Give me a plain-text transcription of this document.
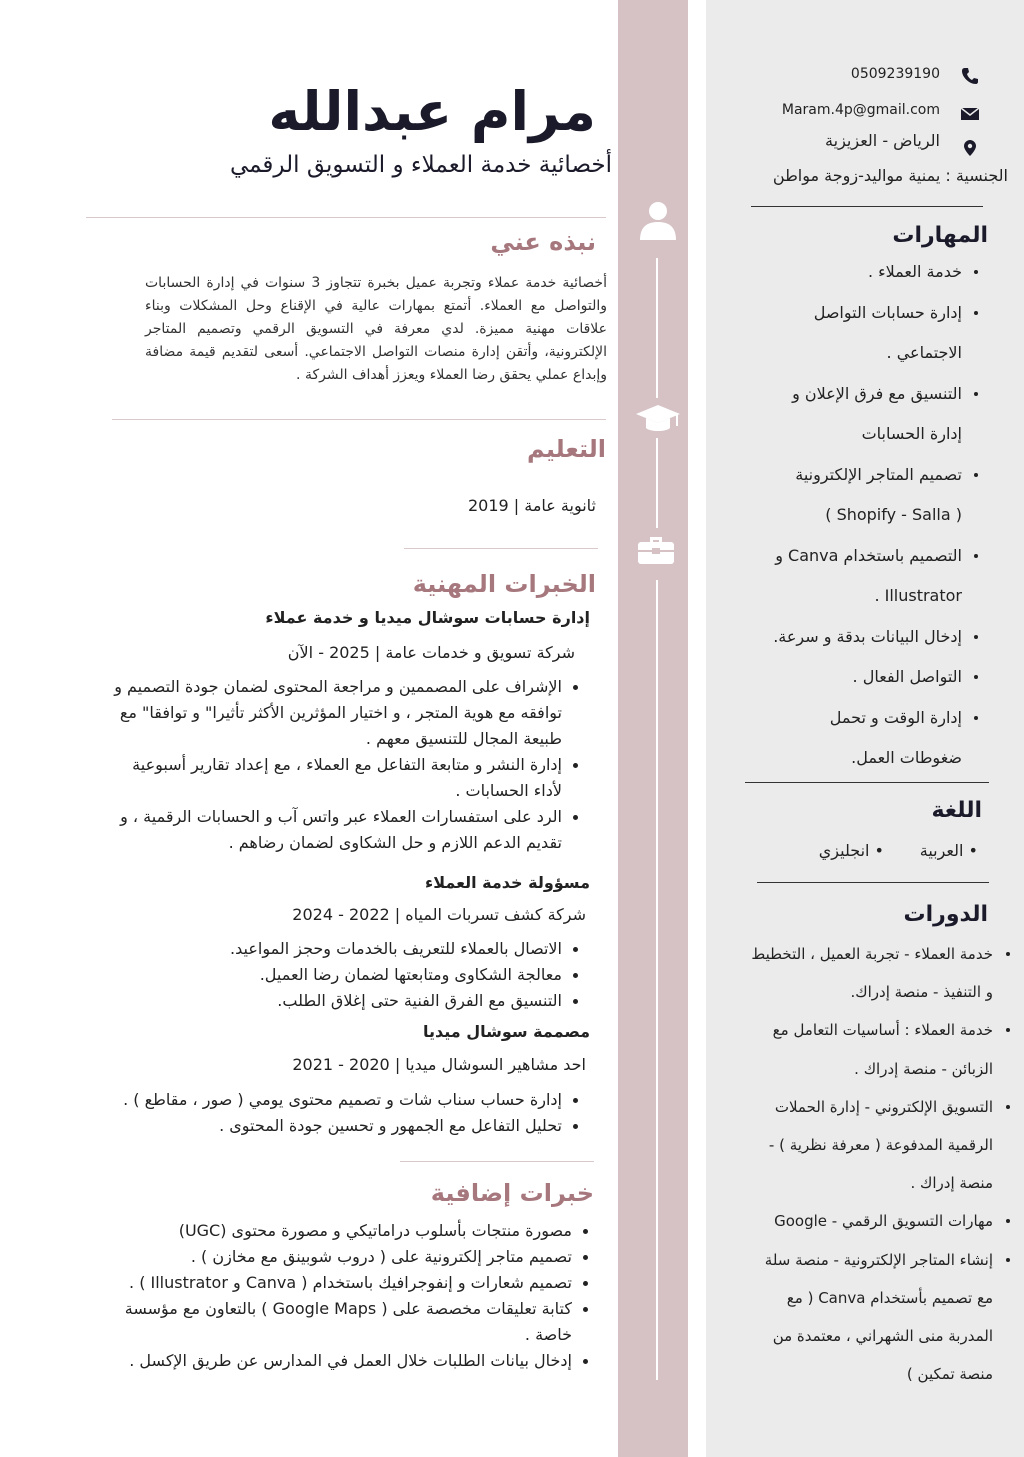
مرام عبدالله
أخصائية خدمة العملاء و التسويق الرقمي
نبذه عني
أخصائية خدمة عملاء وتجربة عميل بخبرة تتجاوز 3 سنوات في إدارة الحسابات والتواصل مع العملاء. أتمتع بمهارات عالية في الإقناع وحل المشكلات وبناء علاقات مهنية مميزة. لدي معرفة في التسويق الرقمي وتصميم المتاجر الإلكترونية، وأتقن إدارة منصات التواصل الاجتماعي. أسعى لتقديم قيمة مضافة وإبداع عملي يحقق رضا العملاء ويعزز أهداف الشركة .
التعليم
ثانوية عامة | 2019
الخبرات المهنية
إدارة حسابات سوشال ميديا و خدمة عملاء
شركة تسويق و خدمات عامة | 2025 - الآن
الإشراف على المصممين و مراجعة المحتوى لضمان جودة التصميم و
توافقه مع هوية المتجر ، و اختيار المؤثرين الأكثر تأثيرا" و توافقا" مع
طبيعة المجال للتنسيق معهم .
إدارة النشر و متابعة التفاعل مع العملاء ، مع إعداد تقارير أسبوعية
لأداء الحسابات .
الرد على استفسارات العملاء عبر واتس آب و الحسابات الرقمية ، و
تقديم الدعم اللازم و حل الشكاوى لضمان رضاهم .
مسؤولة خدمة العملاء
شركة كشف تسربات المياه | 2022 - 2024
الاتصال بالعملاء للتعريف بالخدمات وحجز المواعيد.
معالجة الشكاوى ومتابعتها لضمان رضا العميل.
التنسيق مع الفرق الفنية حتى إغلاق الطلب.
مصممة سوشال ميديا
احد مشاهير السوشال ميديا | 2020 - 2021
إدارة حساب سناب شات و تصميم محتوى يومي ( صور ، مقاطع ) .
تحليل التفاعل مع الجمهور و تحسين جودة المحتوى .
خبرات إضافية
مصورة منتجات بأسلوب دراماتيكي و مصورة محتوى (UGC)
تصميم متاجر إلكترونية على ( دروب شوبينق مع مخازن ) .
تصميم شعارات و إنفوجرافيك باستخدام ( Canva و Illustrator ) .
كتابة تعليقات مخصصة على ( Google Maps ) بالتعاون مع مؤسسة
خاصة .
إدخال بيانات الطلبات خلال العمل في المدارس عن طريق الإكسل .
0509239190
Maram.4p@gmail.com
الرياض - العزيزية
الجنسية : يمنية مواليد-زوجة مواطن
المهارات
خدمة العملاء .
إدارة حسابات التواصل
الاجتماعي .
التنسيق مع فرق الإعلان و
إدارة الحسابات
تصميم المتاجر الإلكترونية
( Shopify - Salla )
التصميم باستخدام Canva و
Illustrator .
إدخال البيانات بدقة و سرعة.
التواصل الفعال .
إدارة الوقت و تحمل
ضغوطات العمل.
اللغة
• العربية
• انجليزي
الدورات
خدمة العملاء - تجربة العميل ، التخطيط
و التنفيذ - منصة إدراك.
خدمة العملاء : أساسيات التعامل مع
الزبائن - منصة إدراك .
التسويق الإلكتروني - إدارة الحملات
الرقمية المدفوعة ( معرفة نظرية ) -
منصة إدراك .
مهارات التسويق الرقمي - Google
إنشاء المتاجر الإلكترونية - منصة سلة
مع تصميم بأستخدام Canva ( مع
المدربة منى الشهراني ، معتمدة من
منصة تمكين )
